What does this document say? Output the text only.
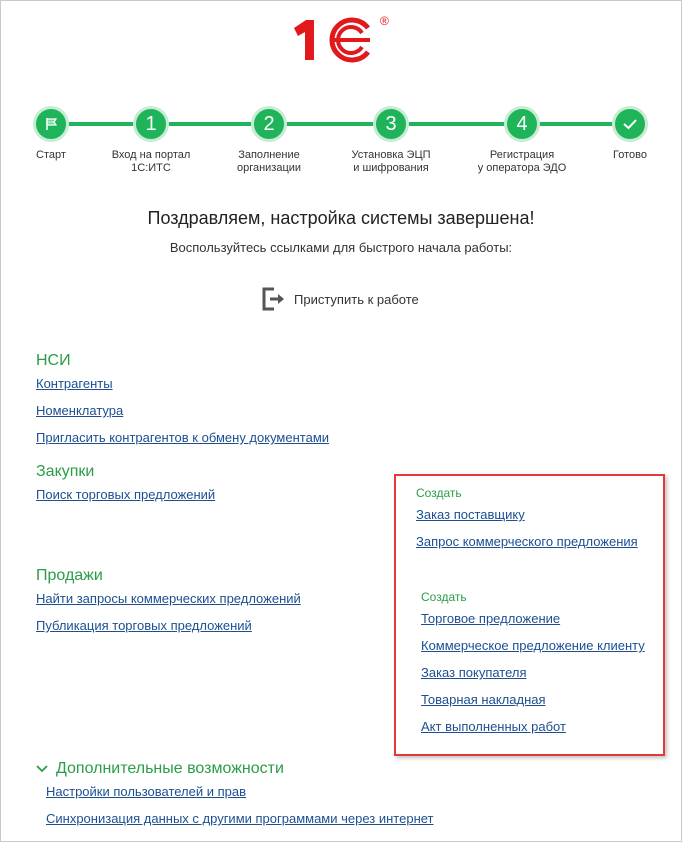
®
1	2	3	4
Старт	Вход на портал
1С:ИТС
Заполнение
организации
Установка ЭЦП
и шифрования
Регистрация
у оператора ЭДО
Готово
Поздравляем, настройка системы завершена!
Воспользуйтесь ссылками для быстрого начала работы:
Приступить к работе
НСИ
Контрагенты
Номенклатура
Пригласить контрагентов к обмену документами
Закупки
Поиск торговых предложений
Продажи
Найти запросы коммерческих предложений
Публикация торговых предложений
Создать
Заказ поставщику
Запрос коммерческого предложения
Создать
Торговое предложение
Коммерческое предложение клиенту
Заказ покупателя
Товарная накладная
Акт выполненных работ
Дополнительные возможности
Настройки пользователей и прав
Синхронизация данных с другими программами через интернет
